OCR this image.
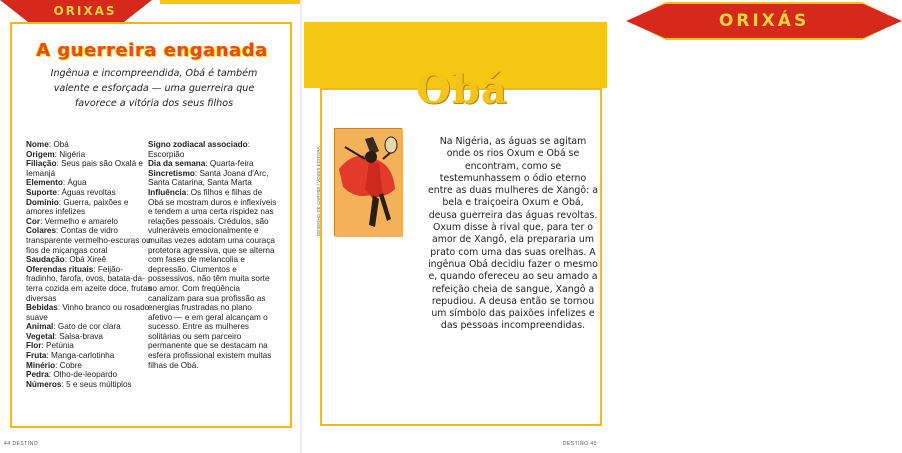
ORIXAS
A guerreira enganada
Ingênua e incompreendida, Obá é também valente e esforçada — uma guerreira que favorece a vitória dos seus filhos

Nome: Obá

Origem: Nigéria

Filiação: Seus pais são Oxalá e Iemanjá

Elemento: Água

Suporte: Águas revoltas

Domínio: Guerra, paixões e amores infelizes

Cor: Vermelho e amarelo

Colares: Contas de vidro transparente vermelho-escuras ou fios de miçangas coral

Saudação: Obá Xireê

Oferendas rituais: Feijão-fradinho, farofa, ovos, batata-da-terra cozida em azeite doce, frutas diversas

Bebidas: Vinho branco ou rosado suave

Animal: Gato de cor clara

Vegetal: Salsa-brava

Flor: Petúnia

Fruta: Manga-carlotinha

Minério: Cobre

Pedra: Olho-de-leopardo

Números: 5 e seus múltiplos

Signo zodiacal associado: Escorpião

Dia da semana: Quarta-feira

Sincretismo: Santa Joana d'Arc, Santa Catarina, Santa Marta

Influência: Os filhos e filhas de Obá se mostram duros e inflexíveis e tendem a uma certa rispidez nas relações pessoais. Crédulos, são vulneráveis emocionalmente e muitas vezes adotam uma couraça protetora agressiva, que se alterna com fases de melancolia e depressão. Ciumentos e possessivos, não têm muita sorte no amor. Com freqüência canalizam para sua profissão as energias frustradas no plano afetivo — e em geral alcançam o sucesso. Entre as mulheres solitárias ou sem parceiro permanente que se destacam na esfera profissional existem muitas filhas de Obá.

44 DESTINO
ORIXÁS
Obá
DESENHO DE CARYBÉ / VOZES EDITORA
Na Nigéria, as águas se agitam onde os rios Oxum e Obá se encontram, como se testemunhassem o ódio eterno entre as duas mulheres de Xangô: a bela e traiçoeira Oxum e Obá, deusa guerreira das águas revoltas. Oxum disse à rival que, para ter o amor de Xangô, ela prepararia um prato com uma das suas orelhas. A ingênua Obá decidiu fazer o mesmo e, quando ofereceu ao seu amado a refeição cheia de sangue, Xangô a repudiou. A deusa então se tornou um símbolo das paixões infelizes e das pessoas incompreendidas.
DESTINO 45
